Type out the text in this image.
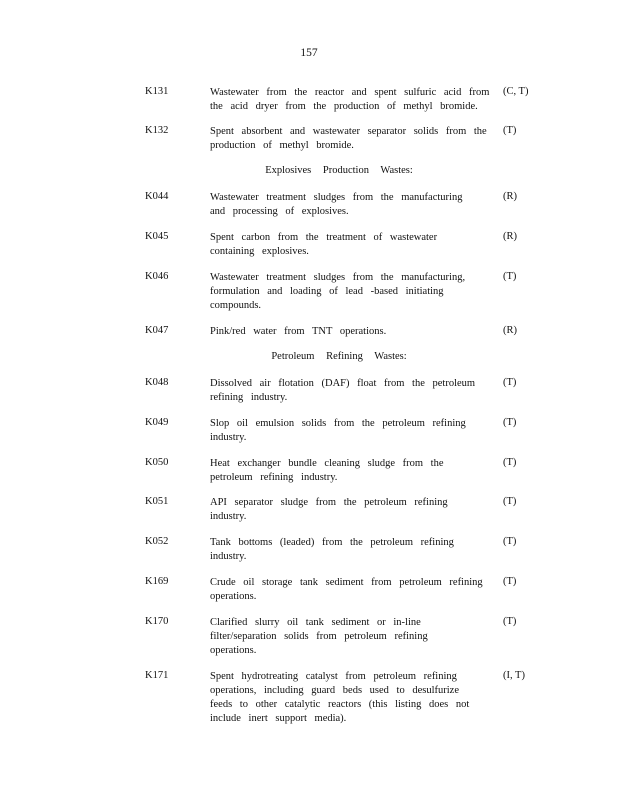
157
K131	Wastewater from the reactor and spent sulfuric acid from
the acid dryer from the production of methyl bromide.
(C, T)
K132	Spent absorbent and wastewater separator solids from the
production of methyl bromide.
(T)
Explosives Production Wastes:
K044	Wastewater treatment sludges from the manufacturing
and processing of explosives.
(R)
K045	Spent carbon from the treatment of wastewater
containing explosives.
(R)
K046	Wastewater treatment sludges from the manufacturing,
formulation and loading of lead -based initiating
compounds.
(T)
K047	Pink/red water from TNT operations.	(R)
Petroleum Refining Wastes:
K048	Dissolved air flotation (DAF) float from the petroleum
refining industry.
(T)
K049	Slop oil emulsion solids from the petroleum refining
industry.
(T)
K050	Heat exchanger bundle cleaning sludge from the
petroleum refining industry.
(T)
K051	API separator sludge from the petroleum refining
industry.
(T)
K052	Tank bottoms (leaded) from the petroleum refining
industry.
(T)
K169	Crude oil storage tank sediment from petroleum refining
operations.
(T)
K170	Clarified slurry oil tank sediment or in-line
filter/separation solids from petroleum refining
operations.
(T)
K171	Spent hydrotreating catalyst from petroleum refining
operations, including guard beds used to desulfurize
feeds to other catalytic reactors (this listing does not
include inert support media).
(I, T)
